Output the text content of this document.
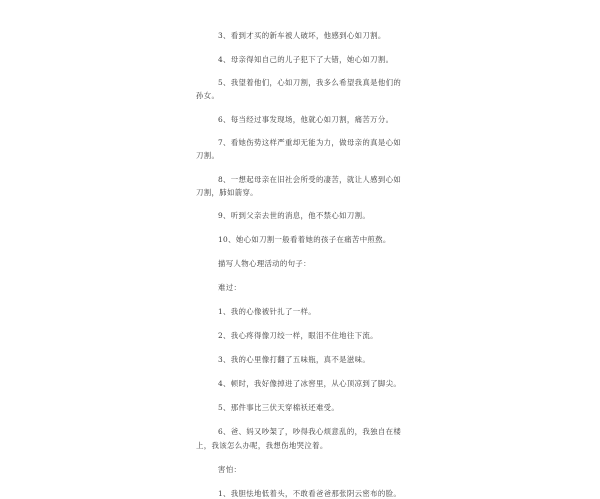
3、看到才买的新车被人破坏，他感到心如刀割。
4、母亲得知自己的儿子犯下了大错，她心如刀割。
5、我望着他们，心如刀割，我多么希望我真是他们的
孙女。
6、每当经过事发现场，他就心如刀割，痛苦万分。
7、看她伤势这样严重却无能为力，做母亲的真是心如
刀割。
8、一想起母亲在旧社会所受的凄苦，就让人感到心如
刀割，肺如箭穿。
9、听到父亲去世的消息，他不禁心如刀割。
10、她心如刀割一般看着她的孩子在痛苦中煎熬。
描写人物心理活动的句子：
难过：
1、我的心像被针扎了一样。
2、我心疼得像刀绞一样，眼泪不住地往下流。
3、我的心里像打翻了五味瓶，真不是滋味。
4、顿时，我好像掉进了冰窖里，从心顶凉到了脚尖。
5、那件事比三伏天穿棉袄还难受。
6、爸、妈又吵架了，吵得我心烦意乱的，我独自在楼
上，我该怎么办呢，我想伤地哭泣着。
害怕：
1、我胆怯地低着头，不敢看爸爸那张阴云密布的脸。
